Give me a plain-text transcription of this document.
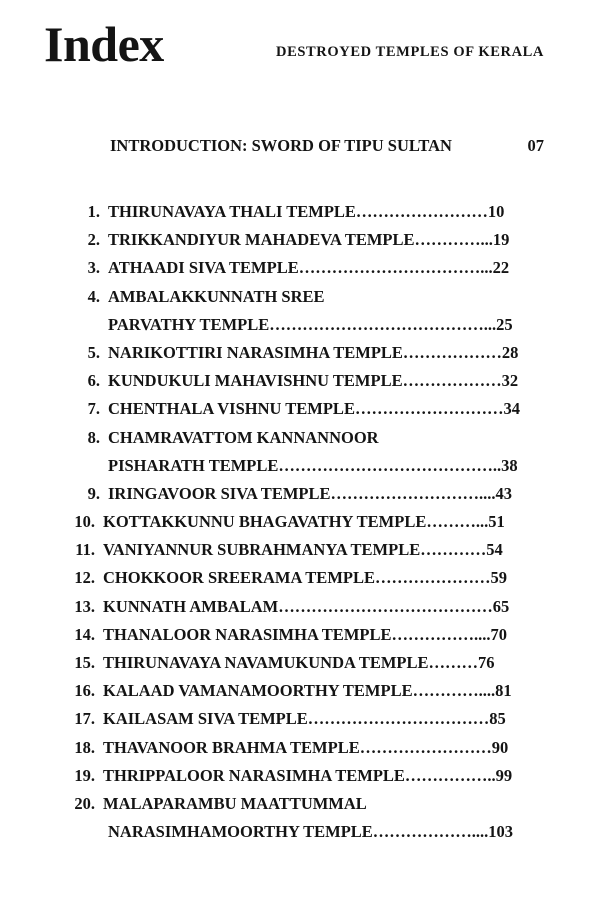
Index	DESTROYED TEMPLES OF KERALA
INTRODUCTION: SWORD OF TIPU SULTAN	07
1. THIRUNAVAYA THALI TEMPLE……………………10
2. TRIKKANDIYUR MAHADEVA TEMPLE…………...19
3. ATHAADI SIVA TEMPLE……………………………...22
4. AMBALAKKUNNATH SREE
PARVATHY TEMPLE…………………………………...25
5. NARIKOTTIRI NARASIMHA TEMPLE………………28
6. KUNDUKULI MAHAVISHNU TEMPLE………………32
7. CHENTHALA VISHNU TEMPLE………………………34
8. CHAMRAVATTOM KANNANNOOR
PISHARATH TEMPLE…………………………………..38
9. IRINGAVOOR SIVA TEMPLE………………………....43
10. KOTTAKKUNNU BHAGAVATHY TEMPLE………...51
11. VANIYANNUR SUBRAHMANYA TEMPLE…………54
12. CHOKKOOR SREERAMA TEMPLE…………………59
13. KUNNATH AMBALAM…………………………………65
14. THANALOOR NARASIMHA TEMPLE……………....70
15. THIRUNAVAYA NAVAMUKUNDA TEMPLE………76
16. KALAAD VAMANAMOORTHY TEMPLE…………....81
17. KAILASAM SIVA TEMPLE……………………………85
18. THAVANOOR BRAHMA TEMPLE……………………90
19. THRIPPALOOR NARASIMHA TEMPLE……………..99
20. MALAPARAMBU MAATTUMMAL
NARASIMHAMOORTHY TEMPLE………………....103
